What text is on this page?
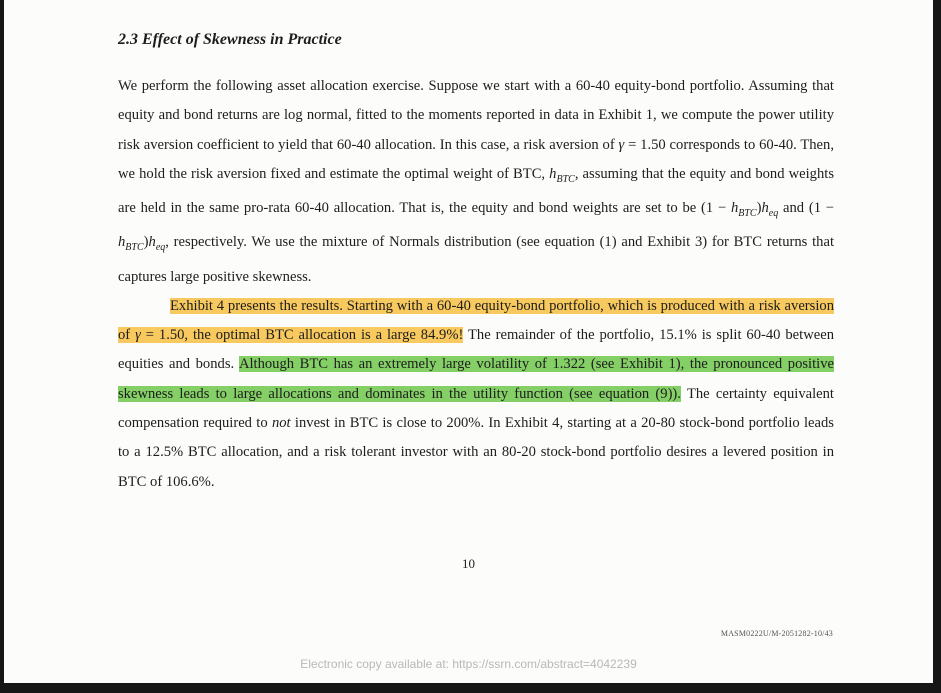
2.3 Effect of Skewness in Practice

We perform the following asset allocation exercise. Suppose we start with a 60-40 equity-bond portfolio. Assuming that equity and bond returns are log normal, fitted to the moments reported in data in Exhibit 1, we compute the power utility risk aversion coefficient to yield that 60-40 allocation. In this case, a risk aversion of γ = 1.50 corresponds to 60-40. Then, we hold the risk aversion fixed and estimate the optimal weight of BTC, $h_{BTC}$, assuming that the equity and bond weights are held in the same pro-rata 60-40 allocation. That is, the equity and bond weights are set to be $(1 - h_{BTC})h_{eq}$ and $(1 - h_{BTC})h_{eq}$, respectively. We use the mixture of Normals distribution (see equation (1) and Exhibit 3) for BTC returns that captures large positive skewness.

Exhibit 4 presents the results. Starting with a 60-40 equity-bond portfolio, which is produced with a risk aversion of γ = 1.50, the optimal BTC allocation is a large 84.9%! The remainder of the portfolio, 15.1% is split 60-40 between equities and bonds. Although BTC has an extremely large volatility of 1.322 (see Exhibit 1), the pronounced positive skewness leads to large allocations and dominates in the utility function (see equation (9)). The certainty equivalent compensation required to not invest in BTC is close to 200%. In Exhibit 4, starting at a 20-80 stock-bond portfolio leads to a 12.5% BTC allocation, and a risk tolerant investor with an 80-20 stock-bond portfolio desires a levered position in BTC of 106.6%.

10
MASM0222U/M-2051282-10/43
Electronic copy available at: https://ssrn.com/abstract=4042239
